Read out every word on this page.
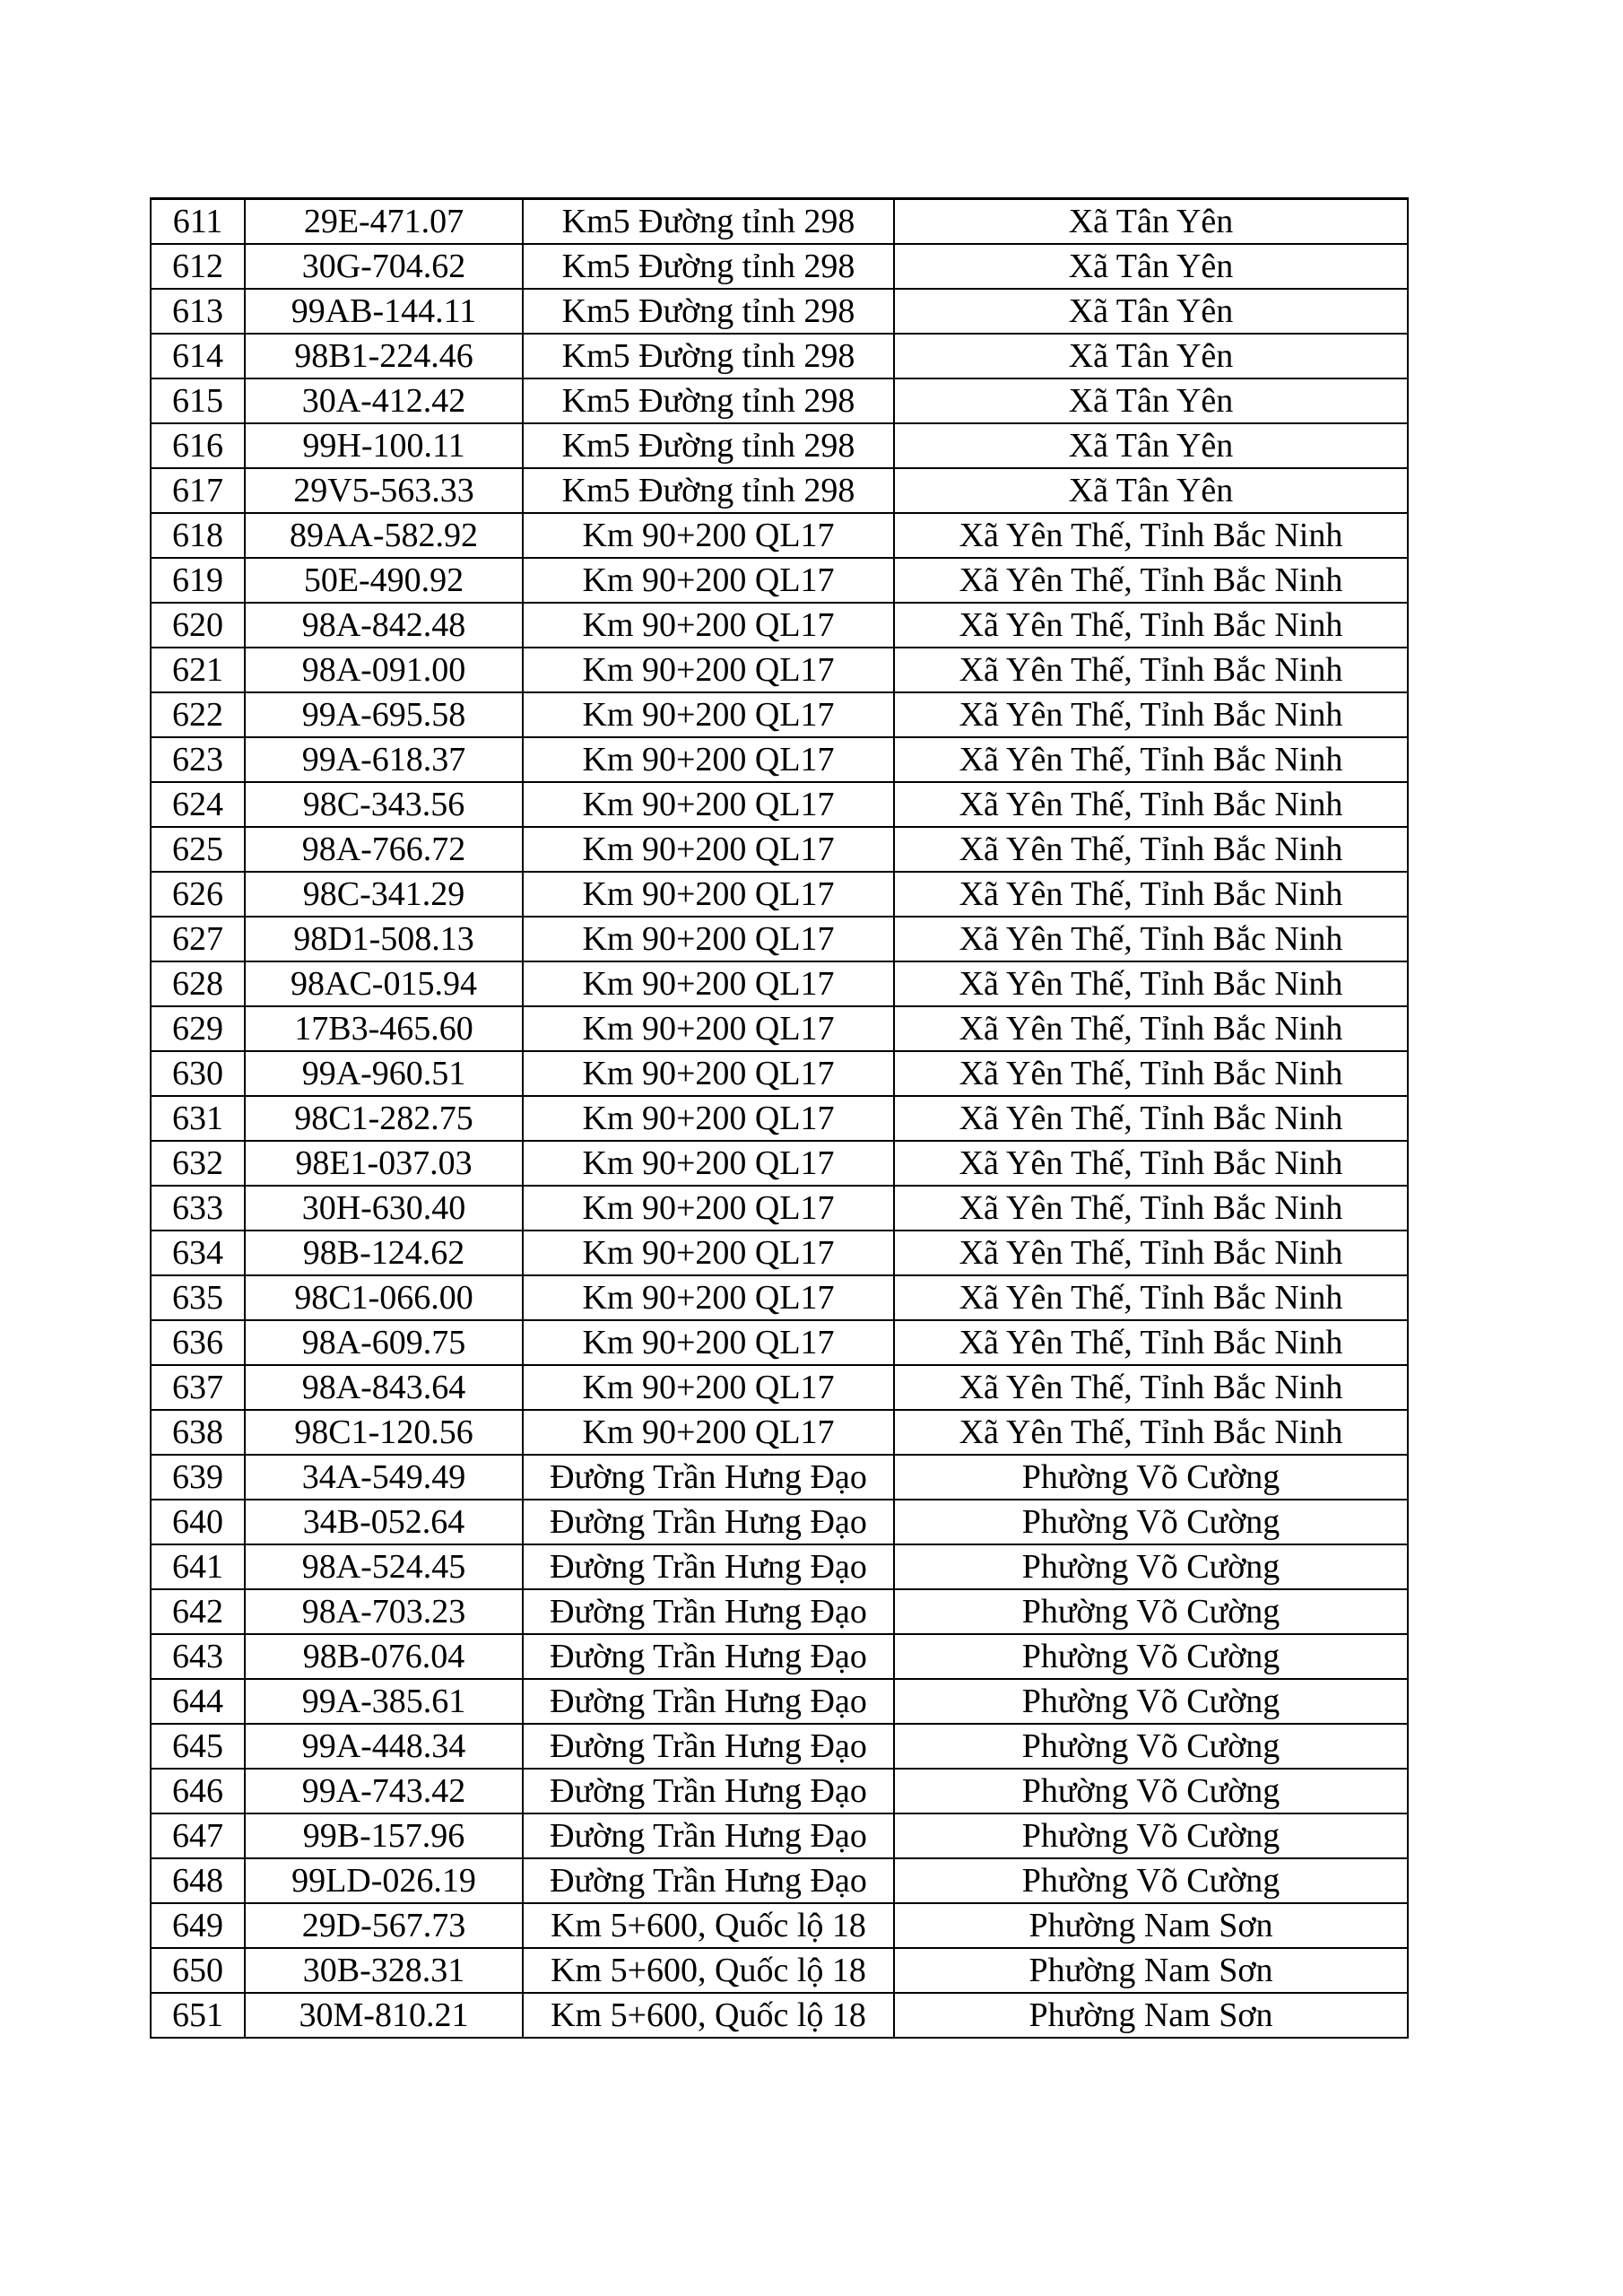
611	29E-471.07	Km5 Đường tỉnh 298	Xã Tân Yên
612	30G-704.62	Km5 Đường tỉnh 298	Xã Tân Yên
613	99AB-144.11	Km5 Đường tỉnh 298	Xã Tân Yên
614	98B1-224.46	Km5 Đường tỉnh 298	Xã Tân Yên
615	30A-412.42	Km5 Đường tỉnh 298	Xã Tân Yên
616	99H-100.11	Km5 Đường tỉnh 298	Xã Tân Yên
617	29V5-563.33	Km5 Đường tỉnh 298	Xã Tân Yên
618	89AA-582.92	Km 90+200 QL17	Xã Yên Thế, Tỉnh Bắc Ninh
619	50E-490.92	Km 90+200 QL17	Xã Yên Thế, Tỉnh Bắc Ninh
620	98A-842.48	Km 90+200 QL17	Xã Yên Thế, Tỉnh Bắc Ninh
621	98A-091.00	Km 90+200 QL17	Xã Yên Thế, Tỉnh Bắc Ninh
622	99A-695.58	Km 90+200 QL17	Xã Yên Thế, Tỉnh Bắc Ninh
623	99A-618.37	Km 90+200 QL17	Xã Yên Thế, Tỉnh Bắc Ninh
624	98C-343.56	Km 90+200 QL17	Xã Yên Thế, Tỉnh Bắc Ninh
625	98A-766.72	Km 90+200 QL17	Xã Yên Thế, Tỉnh Bắc Ninh
626	98C-341.29	Km 90+200 QL17	Xã Yên Thế, Tỉnh Bắc Ninh
627	98D1-508.13	Km 90+200 QL17	Xã Yên Thế, Tỉnh Bắc Ninh
628	98AC-015.94	Km 90+200 QL17	Xã Yên Thế, Tỉnh Bắc Ninh
629	17B3-465.60	Km 90+200 QL17	Xã Yên Thế, Tỉnh Bắc Ninh
630	99A-960.51	Km 90+200 QL17	Xã Yên Thế, Tỉnh Bắc Ninh
631	98C1-282.75	Km 90+200 QL17	Xã Yên Thế, Tỉnh Bắc Ninh
632	98E1-037.03	Km 90+200 QL17	Xã Yên Thế, Tỉnh Bắc Ninh
633	30H-630.40	Km 90+200 QL17	Xã Yên Thế, Tỉnh Bắc Ninh
634	98B-124.62	Km 90+200 QL17	Xã Yên Thế, Tỉnh Bắc Ninh
635	98C1-066.00	Km 90+200 QL17	Xã Yên Thế, Tỉnh Bắc Ninh
636	98A-609.75	Km 90+200 QL17	Xã Yên Thế, Tỉnh Bắc Ninh
637	98A-843.64	Km 90+200 QL17	Xã Yên Thế, Tỉnh Bắc Ninh
638	98C1-120.56	Km 90+200 QL17	Xã Yên Thế, Tỉnh Bắc Ninh
639	34A-549.49	Đường Trần Hưng Đạo	Phường Võ Cường
640	34B-052.64	Đường Trần Hưng Đạo	Phường Võ Cường
641	98A-524.45	Đường Trần Hưng Đạo	Phường Võ Cường
642	98A-703.23	Đường Trần Hưng Đạo	Phường Võ Cường
643	98B-076.04	Đường Trần Hưng Đạo	Phường Võ Cường
644	99A-385.61	Đường Trần Hưng Đạo	Phường Võ Cường
645	99A-448.34	Đường Trần Hưng Đạo	Phường Võ Cường
646	99A-743.42	Đường Trần Hưng Đạo	Phường Võ Cường
647	99B-157.96	Đường Trần Hưng Đạo	Phường Võ Cường
648	99LD-026.19	Đường Trần Hưng Đạo	Phường Võ Cường
649	29D-567.73	Km 5+600, Quốc lộ 18	Phường Nam Sơn
650	30B-328.31	Km 5+600, Quốc lộ 18	Phường Nam Sơn
651	30M-810.21	Km 5+600, Quốc lộ 18	Phường Nam Sơn
